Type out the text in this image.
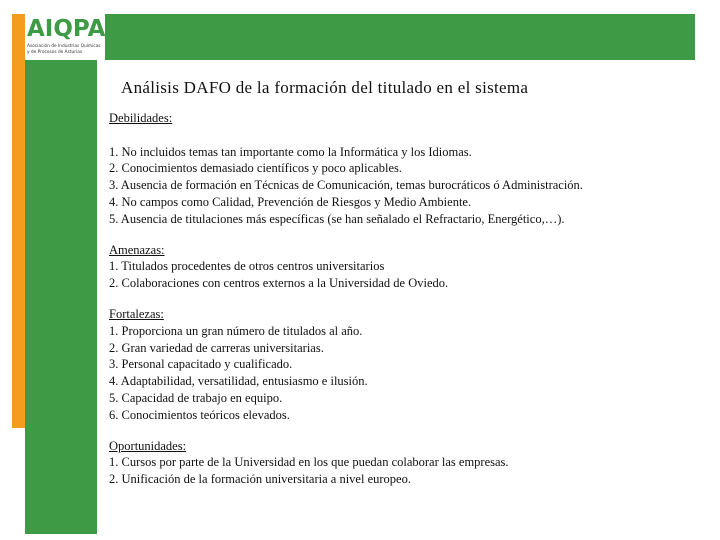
AIQPA
Asociación de Industrias Químicas
y de Procesos de Asturias
Análisis DAFO de la formación del titulado en el sistema
Debilidades:
1. No incluidos temas tan importante como la Informática y los Idiomas.
2. Conocimientos demasiado científicos y poco aplicables.
3. Ausencia de formación en Técnicas de Comunicación, temas burocráticos ó Administración.
4. No campos como Calidad, Prevención de Riesgos y Medio Ambiente.
5. Ausencia de titulaciones más específicas (se han señalado el Refractario, Energético,…).
Amenazas:
1. Titulados procedentes de otros centros universitarios
2. Colaboraciones con centros externos a la Universidad de Oviedo.
Fortalezas:
1. Proporciona un gran número de titulados al año.
2. Gran variedad de carreras universitarias.
3. Personal capacitado y cualificado.
4. Adaptabilidad, versatilidad, entusiasmo e ilusión.
5. Capacidad de trabajo en equipo.
6. Conocimientos teóricos elevados.
Oportunidades:
1. Cursos por parte de la Universidad en los que puedan colaborar las empresas.
2. Unificación de la formación universitaria a nivel europeo.
